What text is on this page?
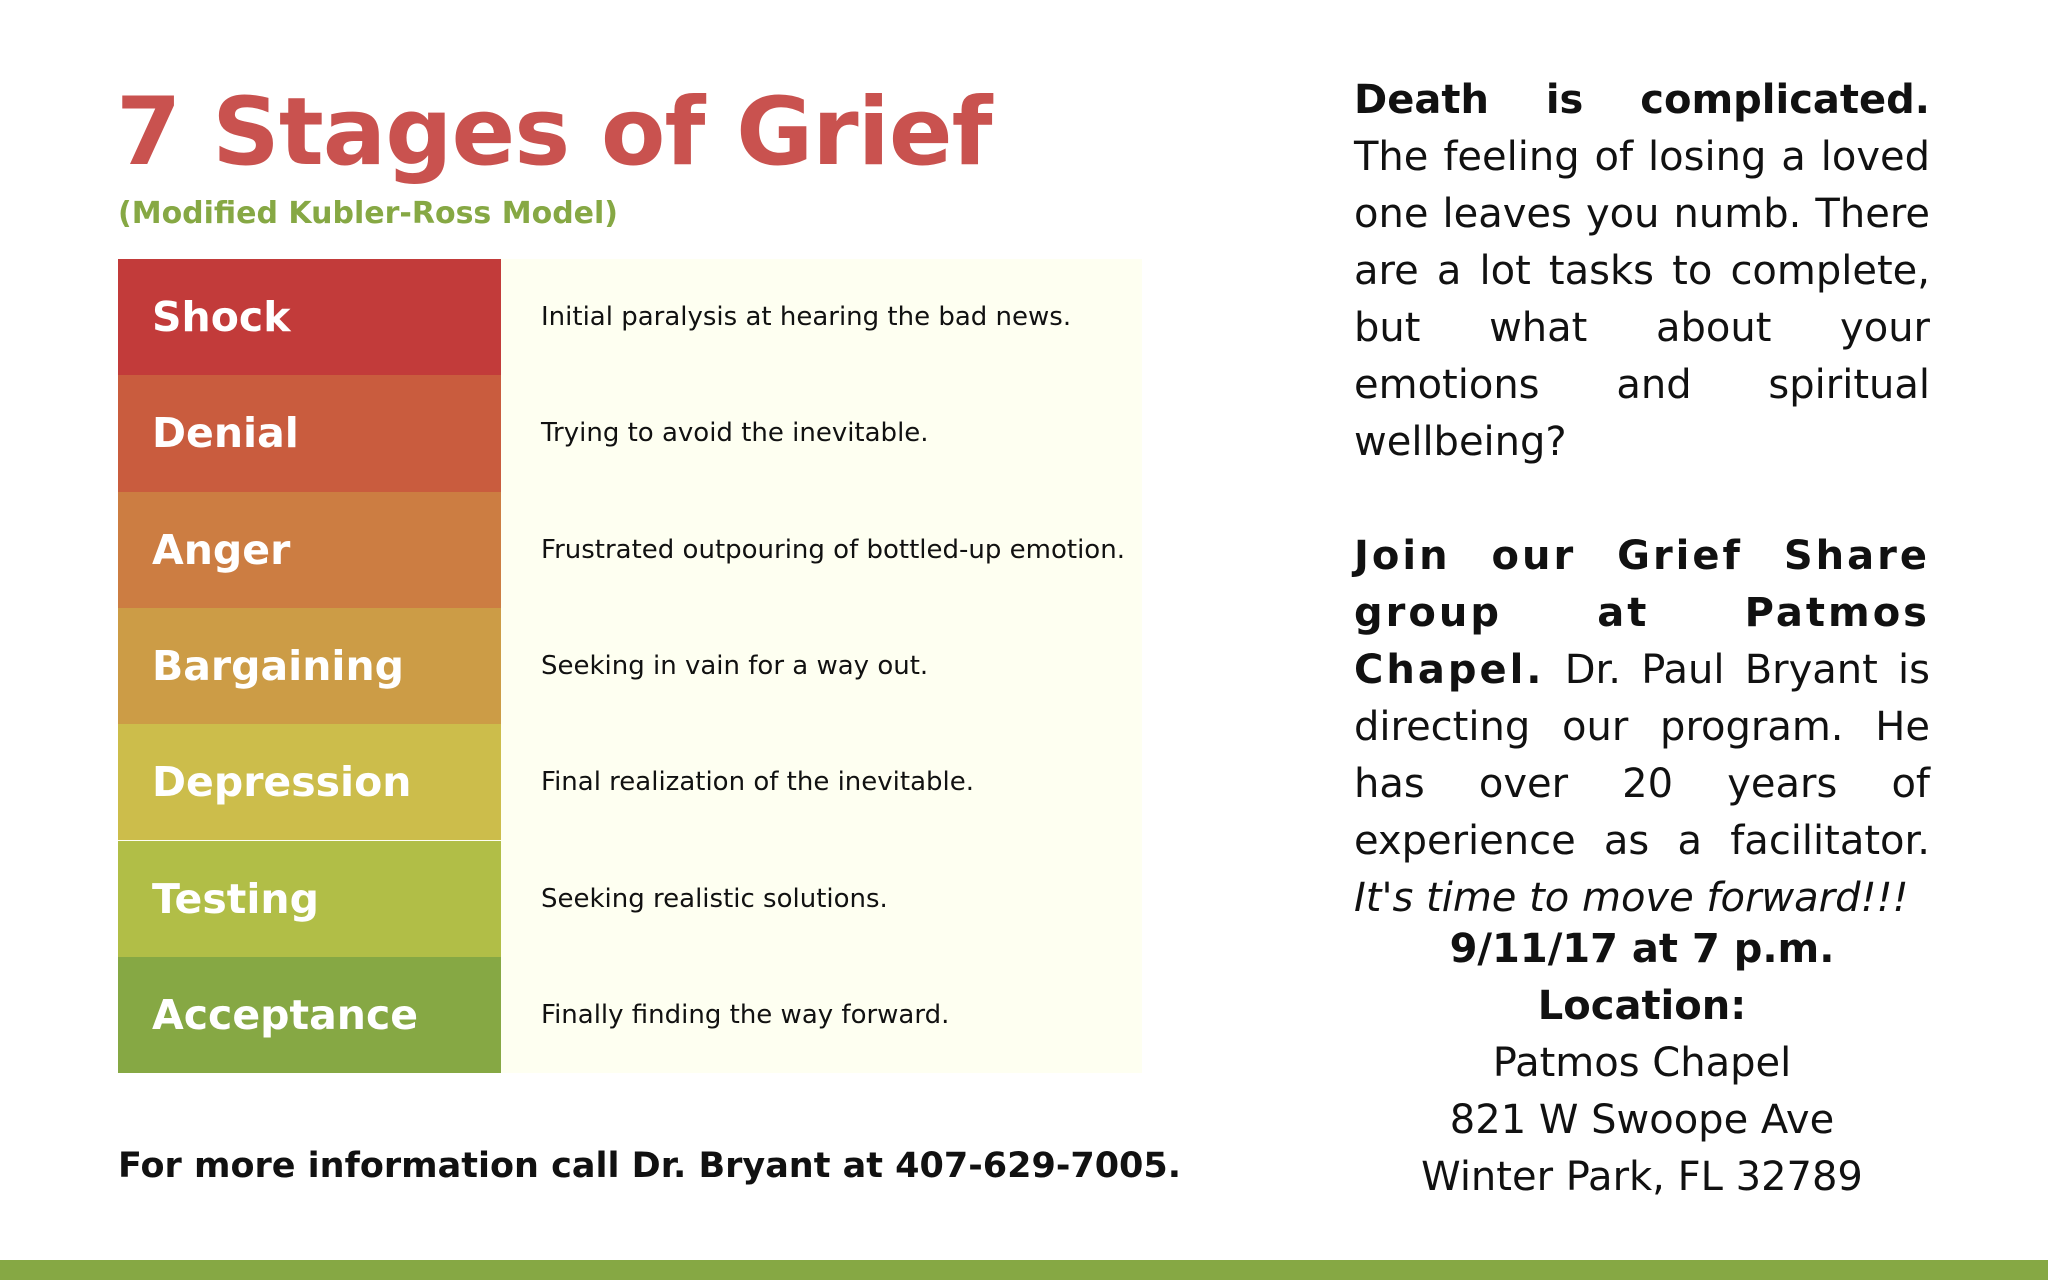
7 Stages of Grief
(Modified Kubler-Ross Model)
Shock	Initial paralysis at hearing the bad news.
Denial	Trying to avoid the inevitable.
Anger	Frustrated outpouring of bottled-up emotion.
Bargaining	Seeking in vain for a way out.
Depression	Final realization of the inevitable.
Testing	Seeking realistic solutions.
Acceptance	Finally finding the way forward.
For more information call Dr. Bryant at 407-629-7005.

Death is complicated. The feeling of losing a loved one leaves you numb. There are a lot tasks to complete, but what about your emotions and spiritual wellbeing?

Join our Grief Share group at Patmos Chapel. Dr. Paul Bryant is directing our program. He has over 20 years of experience as a facilitator. It's time to move forward!!!

9/11/17 at 7 p.m.
Location:
Patmos Chapel
821 W Swoope Ave
Winter Park, FL 32789
